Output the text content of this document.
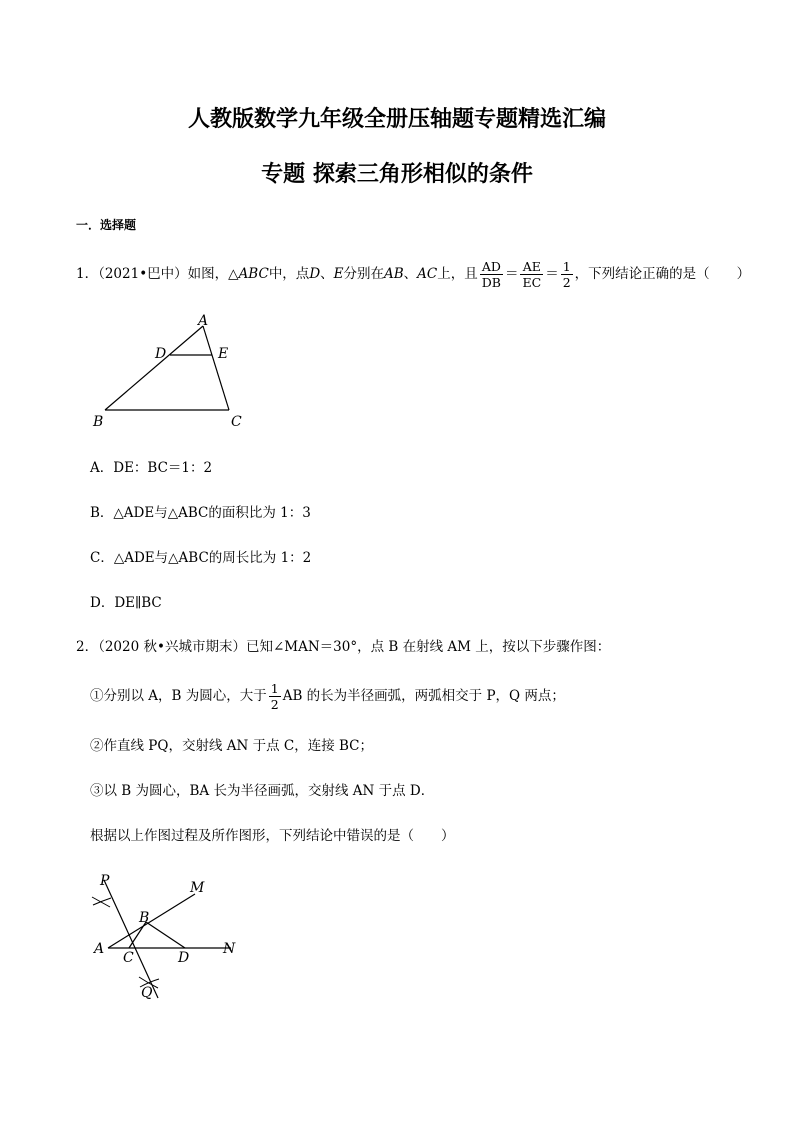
人教版数学九年级全册压轴题专题精选汇编
专题 探索三角形相似的条件
一．选择题
1．（2021•巴中）如图，△ABC中，点D、E分别在AB、AC上，且 $\frac{AD}{DB} = \frac{AE}{EC} = \frac{1}{2}$ ，下列结论正确的是（　　）
A
D	E
B	C
A．DE：BC＝1：2
B．△ADE与△ABC的面积比为 1：3
C．△ADE与△ABC的周长比为 1：2
D．DE∥BC
2．（2020 秋•兴城市期末）已知∠MAN＝30°，点 B 在射线 AM 上，按以下步骤作图：
①分别以 A，B 为圆心，大于 $\frac{1}{2}$ AB 的长为半径画弧，两弧相交于 P，Q 两点；
②作直线 PQ，交射线 AN 于点 C，连接 BC；
③以 B 为圆心，BA 长为半径画弧，交射线 AN 于点 D．
根据以上作图过程及所作图形，下列结论中错误的是（　　）
P	M
B
A
C	D
N
Q
